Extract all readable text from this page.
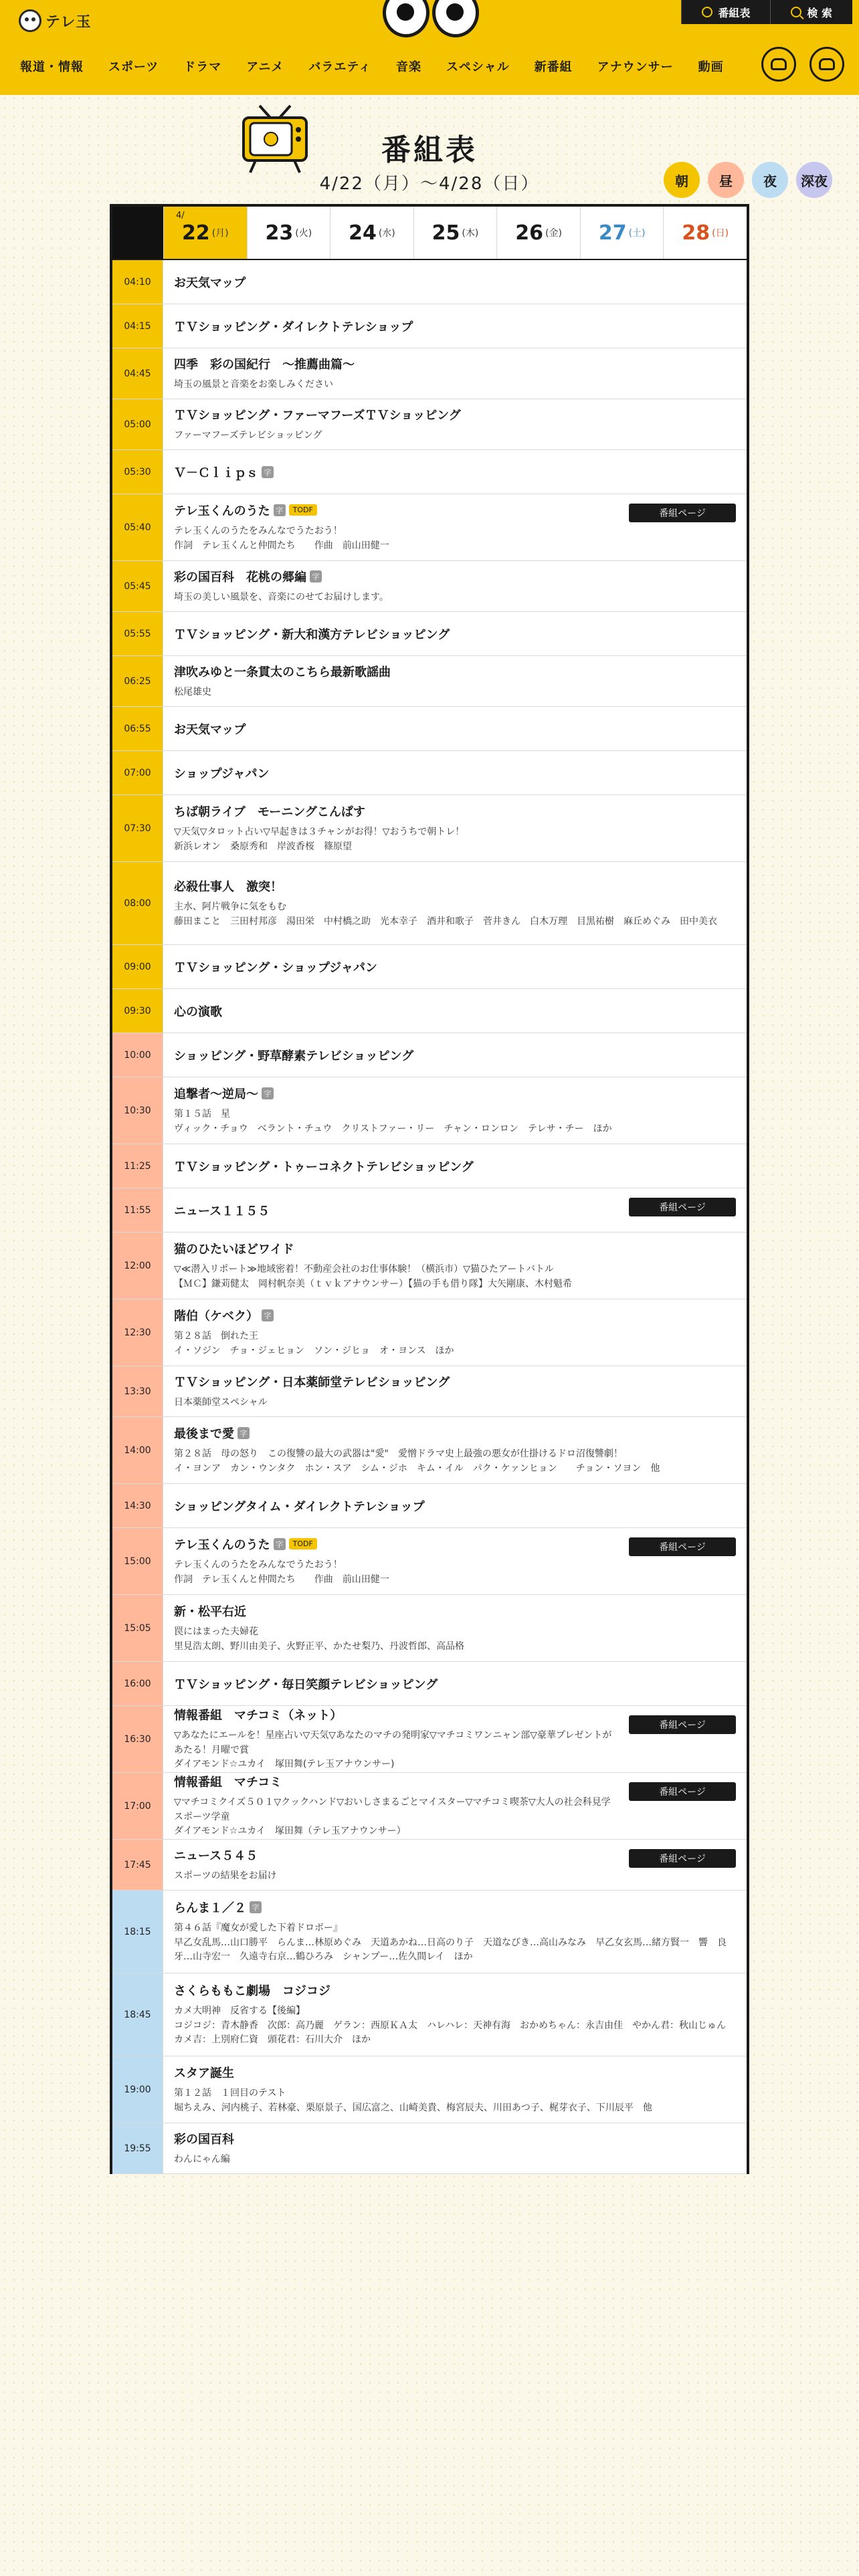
テレ玉
番組表	検 索
報道・情報 スポーツ ドラマ アニメ バラエティ 音楽 スペシャル 新番組 アナウンサー 動画
番組表
4/22（月）～4/28（日）	朝	昼	夜	深夜
4/
22 (月) 23 (火) 24 (水) 25 (木) 26 (金) 27 (土) 28 (日)
04:10	お天気マップ
04:15	ＴＶショッピング・ダイレクトテレショップ
04:45
四季　彩の国紀行　～推薦曲篇～
埼玉の風景と音楽をお楽しみください
05:00
ＴＶショッピング・ファーマフーズＴＶショッピング
ファーマフーズテレビショッピング
05:30	Ｖ－Ｃｌｉｐｓ 字
05:40
テレ玉くんのうた 字	TODF
テレ玉くんのうたをみんなでうたおう！
作詞　テレ玉くんと仲間たち　　作曲　前山田健一
番組ページ
05:45
彩の国百科　花桃の郷編 字
埼玉の美しい風景を、音楽にのせてお届けします。
05:55	ＴＶショッピング・新大和漢方テレビショッピング
06:25
津吹みゆと一条貫太のこちら最新歌謡曲
松尾雄史
06:55	お天気マップ
07:00	ショップジャパン
07:30
ちば朝ライブ　モーニングこんぱす
▽天気▽タロット占い▽早起きは３チャンがお得！▽おうちで朝トレ！
新浜レオン　桑原秀和　岸波香桜　篠原望
08:00
必殺仕事人　激突！
主水、阿片戦争に気をもむ
藤田まこと　三田村邦彦　湯田栄　中村橋之助　光本幸子　酒井和歌子　菅井きん　白木万理　目黒祐樹　麻丘めぐみ　田中美衣
09:00	ＴＶショッピング・ショップジャパン
09:30	心の演歌
10:00	ショッピング・野草酵素テレビショッピング
10:30
追撃者～逆局～ 字
第１５話　星
ヴィック・チョウ　ベラント・チュウ　クリストファー・リー　チャン・ロンロン　テレサ・チー　ほか
11:25	ＴＶショッピング・トゥーコネクトテレビショッピング
11:55	ニュース１１５５	番組ページ
12:00
猫のひたいほどワイド
▽≪潜入リポート≫地域密着！不動産会社のお仕事体験！（横浜市）▽猫ひたアートバトル
【ＭＣ】鎌苅健太　岡村帆奈美（ｔｖｋアナウンサー）【猫の手も借り隊】大矢剛康、木村魁希
12:30
階伯（ケベク） 字
第２８話　倒れた王
イ・ソジン　チョ・ジェヒョン　ソン・ジヒョ　オ・ヨンス　ほか
13:30
ＴＶショッピング・日本薬師堂テレビショッピング
日本薬師堂スペシャル
14:00
最後まで愛 字
第２８話　母の怒り　この復讐の最大の武器は"愛"　愛憎ドラマ史上最強の悪女が仕掛けるドロ沼復讐劇！
イ・ヨンア　カン・ウンタク　ホン・スア　シム・ジホ　キム・イル　パク・ケァンヒョン　　チョン・ソヨン　他
14:30	ショッピングタイム・ダイレクトテレショップ
15:00
テレ玉くんのうた 字	TODF
テレ玉くんのうたをみんなでうたおう！
作詞　テレ玉くんと仲間たち　　作曲　前山田健一
番組ページ
15:05
新・松平右近
罠にはまった夫婦花
里見浩太朗、野川由美子、火野正平、かたせ梨乃、丹波哲郎、高品格
16:00	ＴＶショッピング・毎日笑顔テレビショッピング
16:30
情報番組　マチコミ（ネット）
▽あなたにエールを！星座占い▽天気▽あなたのマチの発明家▽マチコミワンニャン部▽豪華プレゼントがあたる！月曜で賞
ダイアモンド☆ユカイ　塚田舞(テレ玉アナウンサー)
番組ページ
17:00
情報番組　マチコミ
▽マチコミクイズ５０１▽クックハンド▽おいしさまるごとマイスター▽マチコミ喫茶▽大人の社会科見学スポーツ学童
ダイアモンド☆ユカイ　塚田舞（テレ玉アナウンサー）
番組ページ
17:45
ニュース５４５
スポーツの結果をお届け
番組ページ
18:15
らんま１／２ 字
第４６話『魔女が愛した下着ドロボー』
早乙女乱馬…山口勝平　らんま…林原めぐみ　天道あかね…日高のり子　天道なびき…高山みなみ　早乙女玄馬…緒方賢一　響　良牙…山寺宏一　久遠寺右京…鶴ひろみ　シャンプー…佐久間レイ　ほか
18:45
さくらももこ劇場　コジコジ
カメ大明神　反省する【後編】
コジコジ：青木静香　次郎：高乃麗　ゲラン：西原ＫＡ太　ハレハレ：天神有海　おかめちゃん：永吉由佳　やかん君：秋山じゅん　カメ吉：上別府仁資　頭花君：石川大介　ほか
19:00
スタア誕生
第１２話　１回目のテスト
堀ちえみ、河内桃子、若林豪、栗原景子、国広富之、山崎美貴、梅宮辰夫、川田あつ子、梶芽衣子、下川辰平　他
19:55
彩の国百科
わんにゃん編
